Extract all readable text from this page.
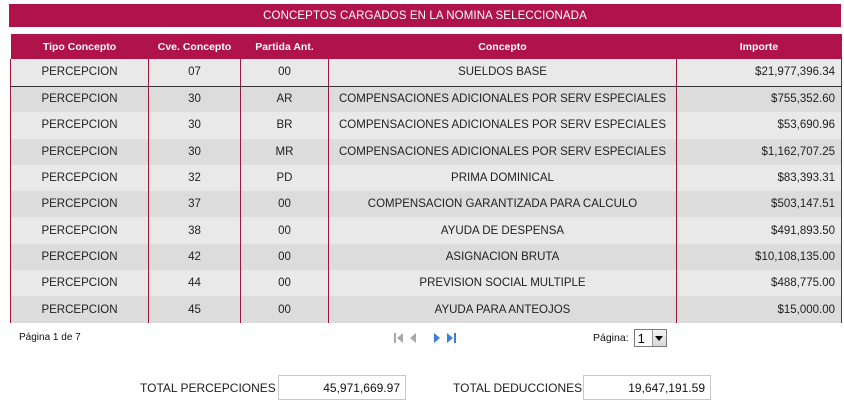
CONCEPTOS CARGADOS EN LA NOMINA SELECCIONADA
Tipo Concepto	Cve. Concepto	Partida Ant.	Concepto	Importe
PERCEPCION	07	00	SUELDOS BASE	$21,977,396.34
PERCEPCION	30	AR	COMPENSACIONES ADICIONALES POR SERV ESPECIALES	$755,352.60
PERCEPCION	30	BR	COMPENSACIONES ADICIONALES POR SERV ESPECIALES	$53,690.96
PERCEPCION	30	MR	COMPENSACIONES ADICIONALES POR SERV ESPECIALES	$1,162,707.25
PERCEPCION	32	PD	PRIMA DOMINICAL	$83,393.31
PERCEPCION	37	00	COMPENSACION GARANTIZADA PARA CALCULO	$503,147.51
PERCEPCION	38	00	AYUDA DE DESPENSA	$491,893.50
PERCEPCION	42	00	ASIGNACION BRUTA	$10,108,135.00
PERCEPCION	44	00	PREVISION SOCIAL MULTIPLE	$488,775.00
PERCEPCION	45	00	AYUDA PARA ANTEOJOS	$15,000.00
Página 1 de 7	Página: 1
TOTAL PERCEPCIONES	45,971,669.97	TOTAL DEDUCCIONES	19,647,191.59
